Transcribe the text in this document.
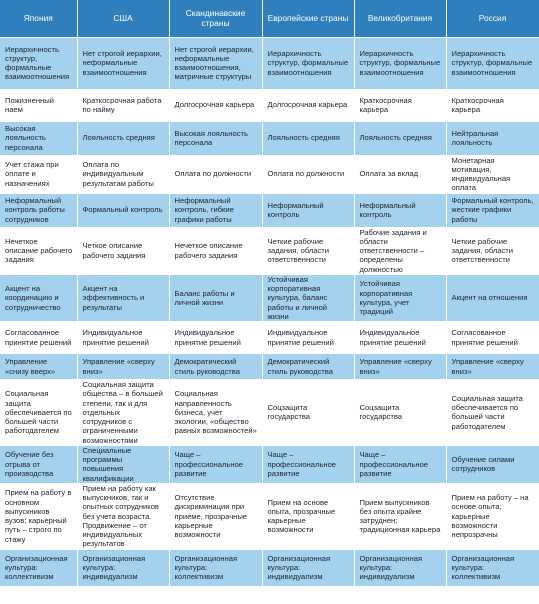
Япония	США	Скандинавские страны	Европейские страны	Великобритания	Россия
Иерархичность структур, формальные взаимоотношения	Нет строгой иерархии, неформальные взаимоотношения	Нет строгой иерархии, неформальные взаимоотношения, матричные структуры	Иерархичность структур, формальные взаимоотношения	Иерархичность структур, формальные взаимоотношения	Иерархичность структур, формальные взаимоотношения
Пожизненный наем	Краткосрочная работа по найму	Долгосрочная карьера	Долгосрочная карьера	Краткосрочная карьера	Краткосрочная карьера
Высокая лояльность персонала	Лояльность средняя	Высокая лояльность персонала	Лояльность средняя	Лояльность средняя	Нейтральная лояльность
Учет стажа при оплате и назначениях	Оплата по индивидуальным результатам работы	Оплата по должности	Оплата по должности	Оплата за вклад	Монетарная мотивация, индивидуальная оплата
Неформальный контроль работы сотрудников	Формальный контроль	Неформальный контроль, гибкие графики работы	Неформальный контроль	Неформальный контроль	Формальный контроль, жесткие графики работы
Нечеткое описание рабочего задания	Четкое описание рабочего задания	Нечеткое описание рабочего задания	Четкие рабочие задания, области ответственности	Рабочие задания и области ответственности – определены должностью	Четкие рабочие задания, области ответственности
Акцент на координацию и сотрудничество	Акцент на эффективность и результаты	Баланс работы и личной жизни	Устойчивая корпоративная культура, баланс работы и личной жизни	Устойчивая корпоративная культура, учет традиций	Акцент на отношения
Согласованное принятие решений	Индивидуальное принятие решений	Индивидуальное принятие решений	Индивидуальное принятие решений	Индивидуальное принятие решений	Согласованное принятие решений
Управление «снизу вверх»	Управление «сверху вниз»	Демократический стиль руководства	Демократический стиль руководства	Управление «сверху вниз»	Управление «сверху вниз»
Социальная защита обеспечивается по большей части работодателем	Социальная защита общества – в большей степени, так и для отдельных сотрудников с ограниченными возможностями	Социальная направленность бизнеса, учет экологии, «общество равных возможностей»	Соцзащита государства	Соцзащита государства	Социальная защита обеспечивается по большей части работодателем
Обучение без отрыва от производства	Специальные программы повышения квалификации	Чаще – профессиональное развитие	Чаще – профессиональное развитие	Чаще – профессиональное развитие	Обучение силами сотрудников
Прием на работу в основном выпускников вузов; карьерный путь – строго по стажу	Прием на работу как выпускников, так и опытных сотрудников без учета возраста. Продвижение – от индивидуальных результатов	Отсутствие дискриминации при приеме, прозрачные карьерные возможности	Прием на основе опыта, прозрачные карьерные возможности	Прием выпускников без опыта крайне затруднен; традиционная карьера	Прием на работу – на основе опыта; карьерные возможности непрозрачны
Организационная культура: коллективизм	Организационная культура: индивидуализм	Организационная культура: коллективизм	Организационная культура: индивидуализм	Организационная культура: индивидуализм	Организационная культура: коллективизм
